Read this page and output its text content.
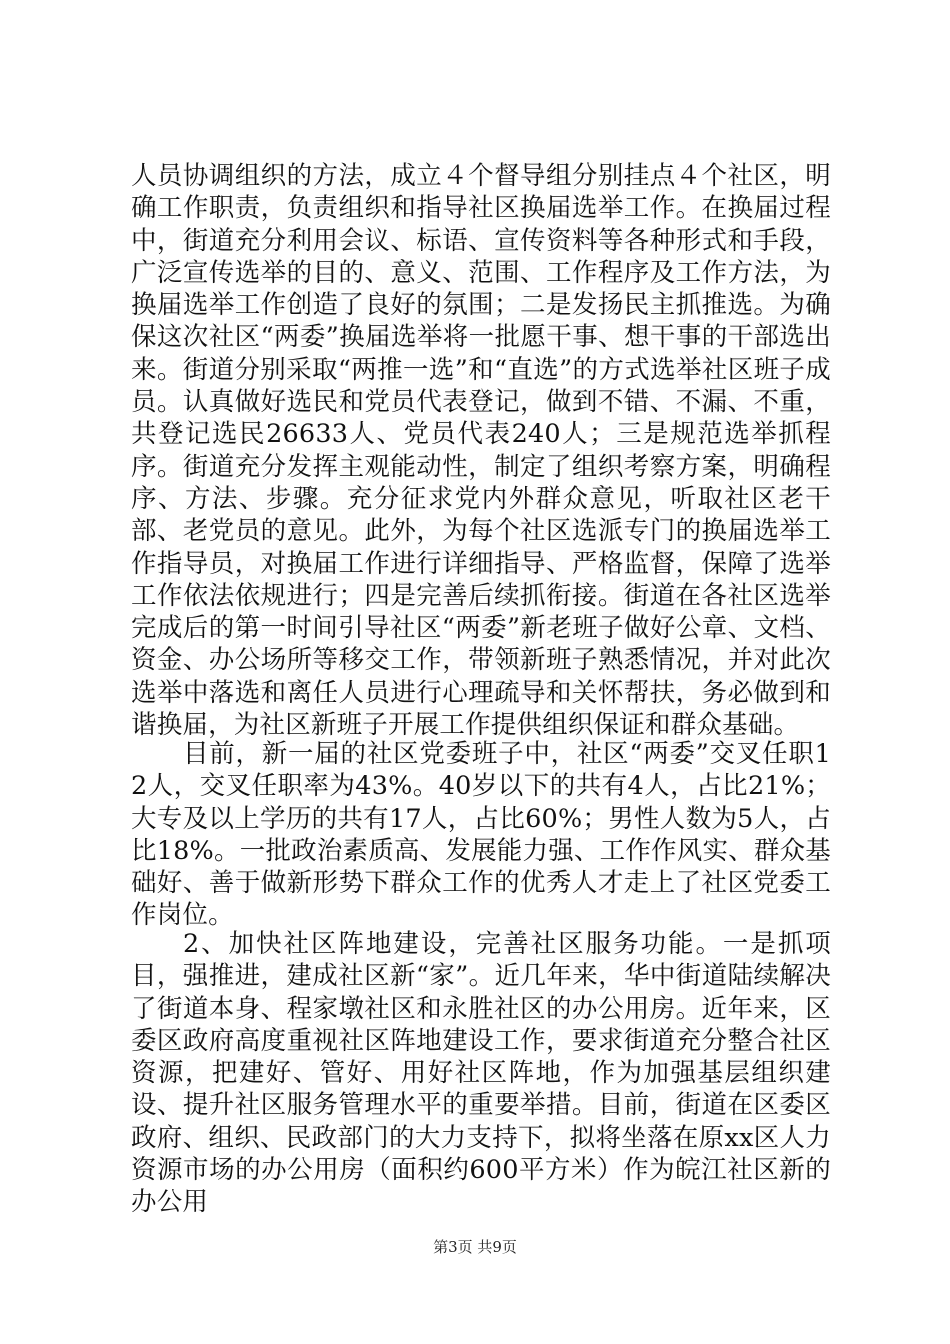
人员协调组织的方法，成立４个督导组分别挂点４个社区，明确工作职责，负责组织和指导社区换届选举工作。在换届过程中，街道充分利用会议、标语、宣传资料等各种形式和手段，广泛宣传选举的目的、意义、范围、工作程序及工作方法，为换届选举工作创造了良好的氛围；二是发扬民主抓推选。为确保这次社区“两委”换届选举将一批愿干事、想干事的干部选出来。街道分别采取“两推一选”和“直选”的方式选举社区班子成员。认真做好选民和党员代表登记，做到不错、不漏、不重，共登记选民26633人、党员代表240人；三是规范选举抓程序。街道充分发挥主观能动性，制定了组织考察方案，明确程序、方法、步骤。充分征求党内外群众意见，听取社区老干部、老党员的意见。此外，为每个社区选派专门的换届选举工作指导员，对换届工作进行详细指导、严格监督，保障了选举工作依法依规进行；四是完善后续抓衔接。街道在各社区选举完成后的第一时间引导社区“两委”新老班子做好公章、文档、资金、办公场所等移交工作，带领新班子熟悉情况，并对此次选举中落选和离任人员进行心理疏导和关怀帮扶，务必做到和谐换届，为社区新班子开展工作提供组织保证和群众基础。

目前，新一届的社区党委班子中，社区“两委”交叉任职12人，交叉任职率为43%。40岁以下的共有4人，占比21%；大专及以上学历的共有17人，占比60%；男性人数为5人，占比18%。一批政治素质高、发展能力强、工作作风实、群众基础好、善于做新形势下群众工作的优秀人才走上了社区党委工作岗位。

2、加快社区阵地建设，完善社区服务功能。一是抓项目，强推进，建成社区新“家”。近几年来，华中街道陆续解决了街道本身、程家墩社区和永胜社区的办公用房。近年来，区委区政府高度重视社区阵地建设工作，要求街道充分整合社区资源，把建好、管好、用好社区阵地，作为加强基层组织建设、提升社区服务管理水平的重要举措。目前，街道在区委区政府、组织、民政部门的大力支持下，拟将坐落在原xx区人力资源市场的办公用房（面积约600平方米）作为皖江社区新的办公用

第3页 共9页
